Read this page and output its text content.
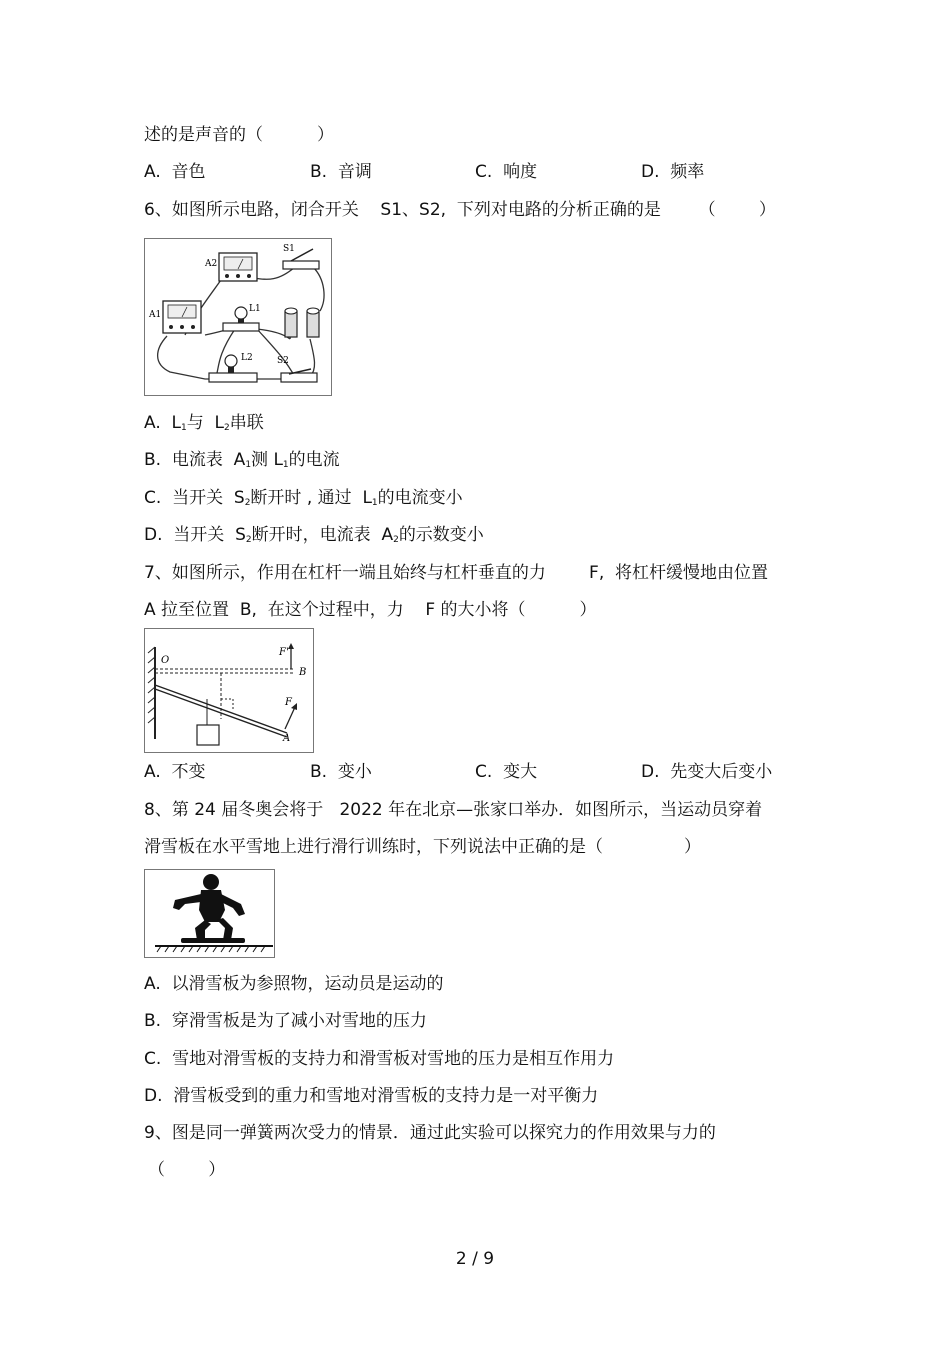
述的是声音的（          ）
A.  音色	B.  音调	C.  响度	D.  频率
6、如图所示电路，闭合开关    S1、S2,  下列对电路的分析正确的是       （        ）
A2
A1
S1
L1
L2	S2
A.  $L_1$与  $L_2$串联
B.  电流表  $A_1$测 $L_1$的电流
C.  当开关  $S_2$断开时 , 通过  $L_1$的电流变小
D.  当开关  $S_2$断开时，电流表  $A_2$的示数变小
7、如图所示，作用在杠杆一端且始终与杠杆垂直的力        F,  将杠杆缓慢地由位置
A 拉至位置  B,  在这个过程中，力    F 的大小将（          ）
O
F'
B
F
A
A.  不变	B.  变小	C.  变大	D.  先变大后变小
8、第 24 届冬奥会将于   2022 年在北京—张家口举办．如图所示，当运动员穿着
滑雪板在水平雪地上进行滑行训练时，下列说法中正确的是（               ）
A.  以滑雪板为参照物，运动员是运动的
B.  穿滑雪板是为了减小对雪地的压力
C.  雪地对滑雪板的支持力和滑雪板对雪地的压力是相互作用力
D.  滑雪板受到的重力和雪地对滑雪板的支持力是一对平衡力
9、图是同一弹簧两次受力的情景．通过此实验可以探究力的作用效果与力的
（        ）
2 / 9
